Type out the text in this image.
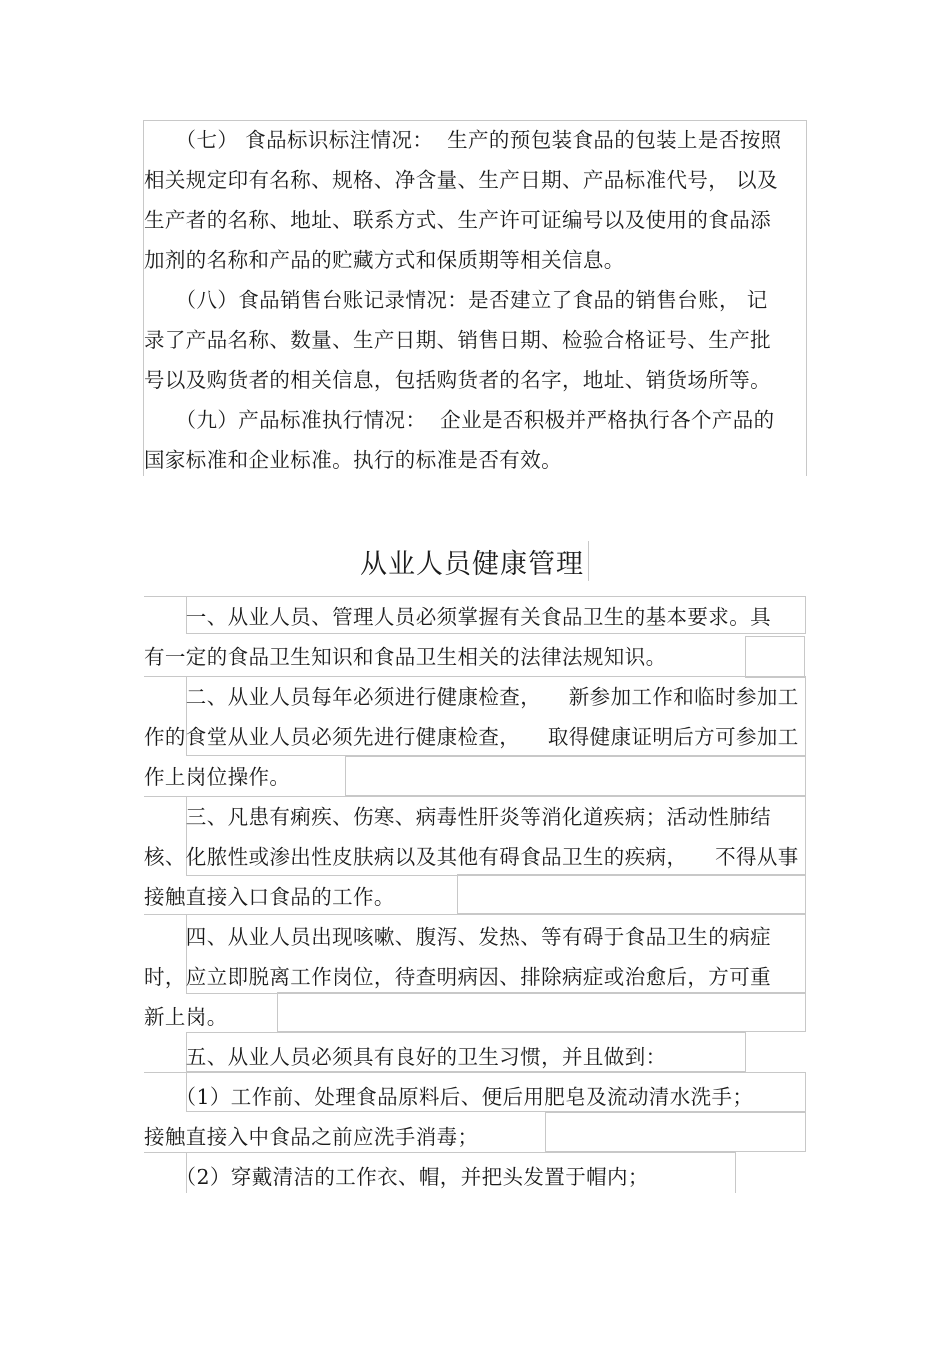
　　（七） 食品标识标注情况：  生产的预包装食品的包装上是否按照
相关规定印有名称、规格、净含量、生产日期、产品标准代号， 以及
生产者的名称、地址、联系方式、生产许可证编号以及使用的食品添
加剂的名称和产品的贮藏方式和保质期等相关信息。
　　（八）食品销售台账记录情况：是否建立了食品的销售台账， 记
录了产品名称、数量、生产日期、销售日期、检验合格证号、生产批
号以及购货者的相关信息，包括购货者的名字，地址、销货场所等。
　　（九）产品标准执行情况：  企业是否积极并严格执行各个产品的
国家标准和企业标准。执行的标准是否有效。
从业人员健康管理
　　一、从业人员、管理人员必须掌握有关食品卫生的基本要求。具
有一定的食品卫生知识和食品卫生相关的法律法规知识。
　　二、从业人员每年必须进行健康检查，    新参加工作和临时参加工
作的食堂从业人员必须先进行健康检查，    取得健康证明后方可参加工
作上岗位操作。
　　三、凡患有痢疾、伤寒、病毒性肝炎等消化道疾病；活动性肺结
核、化脓性或渗出性皮肤病以及其他有碍食品卫生的疾病，    不得从事
接触直接入口食品的工作。
　　四、从业人员出现咳嗽、腹泻、发热、等有碍于食品卫生的病症
时，应立即脱离工作岗位，待查明病因、排除病症或治愈后，方可重
新上岗。
　　五、从业人员必须具有良好的卫生习惯，并且做到：
　　（1）工作前、处理食品原料后、便后用肥皂及流动清水洗手；
接触直接入中食品之前应洗手消毒；
　　（2）穿戴清洁的工作衣、帽，并把头发置于帽内；
